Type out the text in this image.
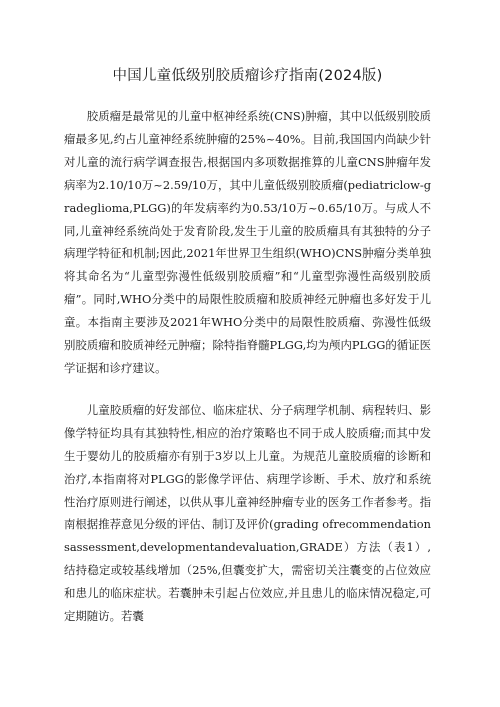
中国儿童低级别胶质瘤诊疗指南(2024版)

胶质瘤是最常见的儿童中枢神经系统(CNS)肿瘤，其中以低级别胶质瘤最多见,约占儿童神经系统肿瘤的25%~40%。目前,我国国内尚缺少针对儿童的流行病学调查报告,根据国内多项数据推算的儿童CNS肿瘤年发病率为2.10/10万~2.59/10万，其中儿童低级别胶质瘤(pediatriclow-gradeglioma,PLGG)的年发病率约为0.53/10万~0.65/10万。与成人不同,儿童神经系统尚处于发育阶段,发生于儿童的胶质瘤具有其独特的分子病理学特征和机制;因此,2021年世界卫生组织(WHO)CNS肿瘤分类单独将其命名为“儿童型弥漫性低级别胶质瘤”和“儿童型弥漫性高级别胶质瘤”。同时,WHO分类中的局限性胶质瘤和胶质神经元肿瘤也多好发于儿童。本指南主要涉及2021年WHO分类中的局限性胶质瘤、弥漫性低级别胶质瘤和胶质神经元肿瘤；除特指脊髓PLGG,均为颅内PLGG的循证医学证据和诊疗建议。

儿童胶质瘤的好发部位、临床症状、分子病理学机制、病程转归、影像学特征均具有其独特性,相应的治疗策略也不同于成人胶质瘤;而其中发生于婴幼儿的胶质瘤亦有别于3岁以上儿童。为规范儿童胶质瘤的诊断和治疗,本指南将对PLGG的影像学评估、病理学诊断、手术、放疗和系统性治疗原则进行阐述，以供从事儿童神经肿瘤专业的医务工作者参考。指南根据推荐意见分级的评估、制订及评价(grading ofrecommendationsassessment,developmentandevaluation,GRADE）方法（表1）,结持稳定或较基线增加（25%,但囊变扩大，需密切关注囊变的占位效应和患儿的临床症状。若囊肿未引起占位效应,并且患儿的临床情况稳定,可定期随访。若囊
